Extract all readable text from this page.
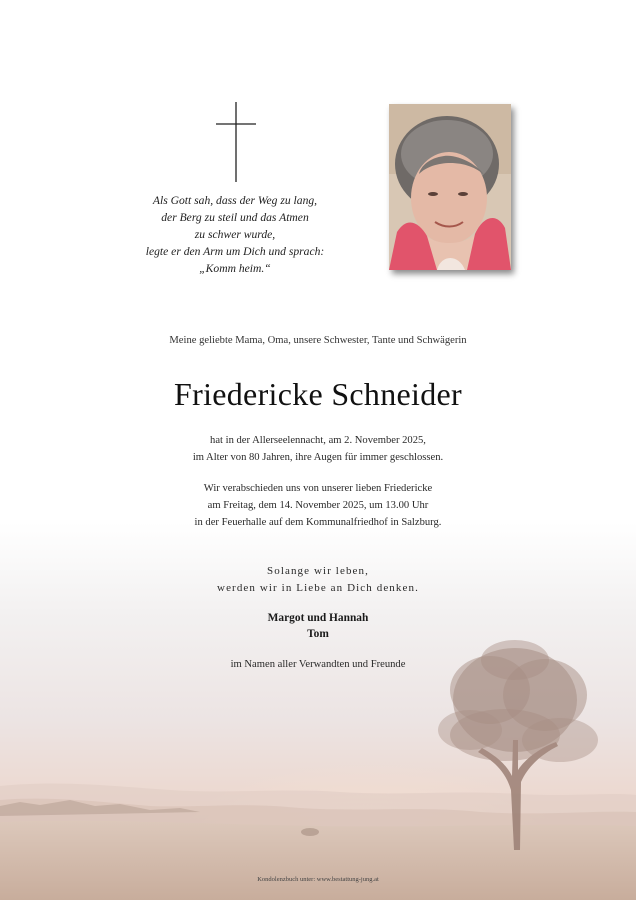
Als Gott sah, dass der Weg zu lang,
der Berg zu steil und das Atmen
zu schwer wurde,
legte er den Arm um Dich und sprach:
„Komm heim.“
Meine geliebte Mama, Oma, unsere Schwester, Tante und Schwägerin
Friedericke Schneider
hat in der Allerseelennacht, am 2. November 2025,
im Alter von 80 Jahren, ihre Augen für immer geschlossen.
Wir verabschieden uns von unserer lieben Friedericke
am Freitag, dem 14. November 2025, um 13.00 Uhr
in der Feuerhalle auf dem Kommunalfriedhof in Salzburg.
Solange wir leben,
werden wir in Liebe an Dich denken.
Margot und Hannah
Tom
im Namen aller Verwandten und Freunde
Kondolenzbuch unter: www.bestattung-jung.at
